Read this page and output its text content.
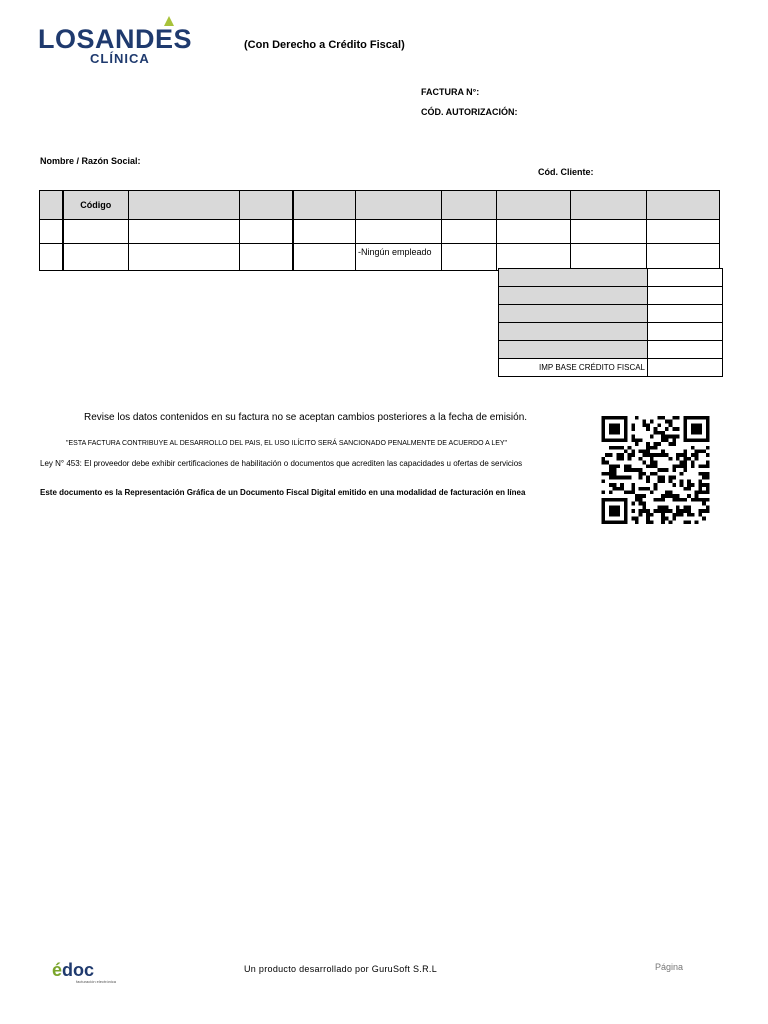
LOSANDES
CLÍNICA
(Con Derecho a Crédito Fiscal)
FACTURA N°:
CÓD. AUTORIZACIÓN:
Nombre / Razón Social:
Cód. Cliente:
	Código								

					-Ningún empleado				

IMP BASE CRÉDITO FISCAL	
Revise los datos contenidos en su factura no se aceptan cambios posteriores a la fecha de emisión.
"ESTA FACTURA CONTRIBUYE AL DESARROLLO DEL PAIS, EL USO ILÍCITO SERÁ SANCIONADO PENALMENTE DE ACUERDO A LEY"
Ley N° 453: El proveedor debe exhibir certificaciones de habilitación o documentos que acrediten las capacidades u ofertas de servicios
Este documento es la Representación Gráfica de un Documento Fiscal Digital emitido en una modalidad de facturación en línea
édoc
facturación electrónica
Un producto desarrollado por GuruSoft S.R.L	Página
